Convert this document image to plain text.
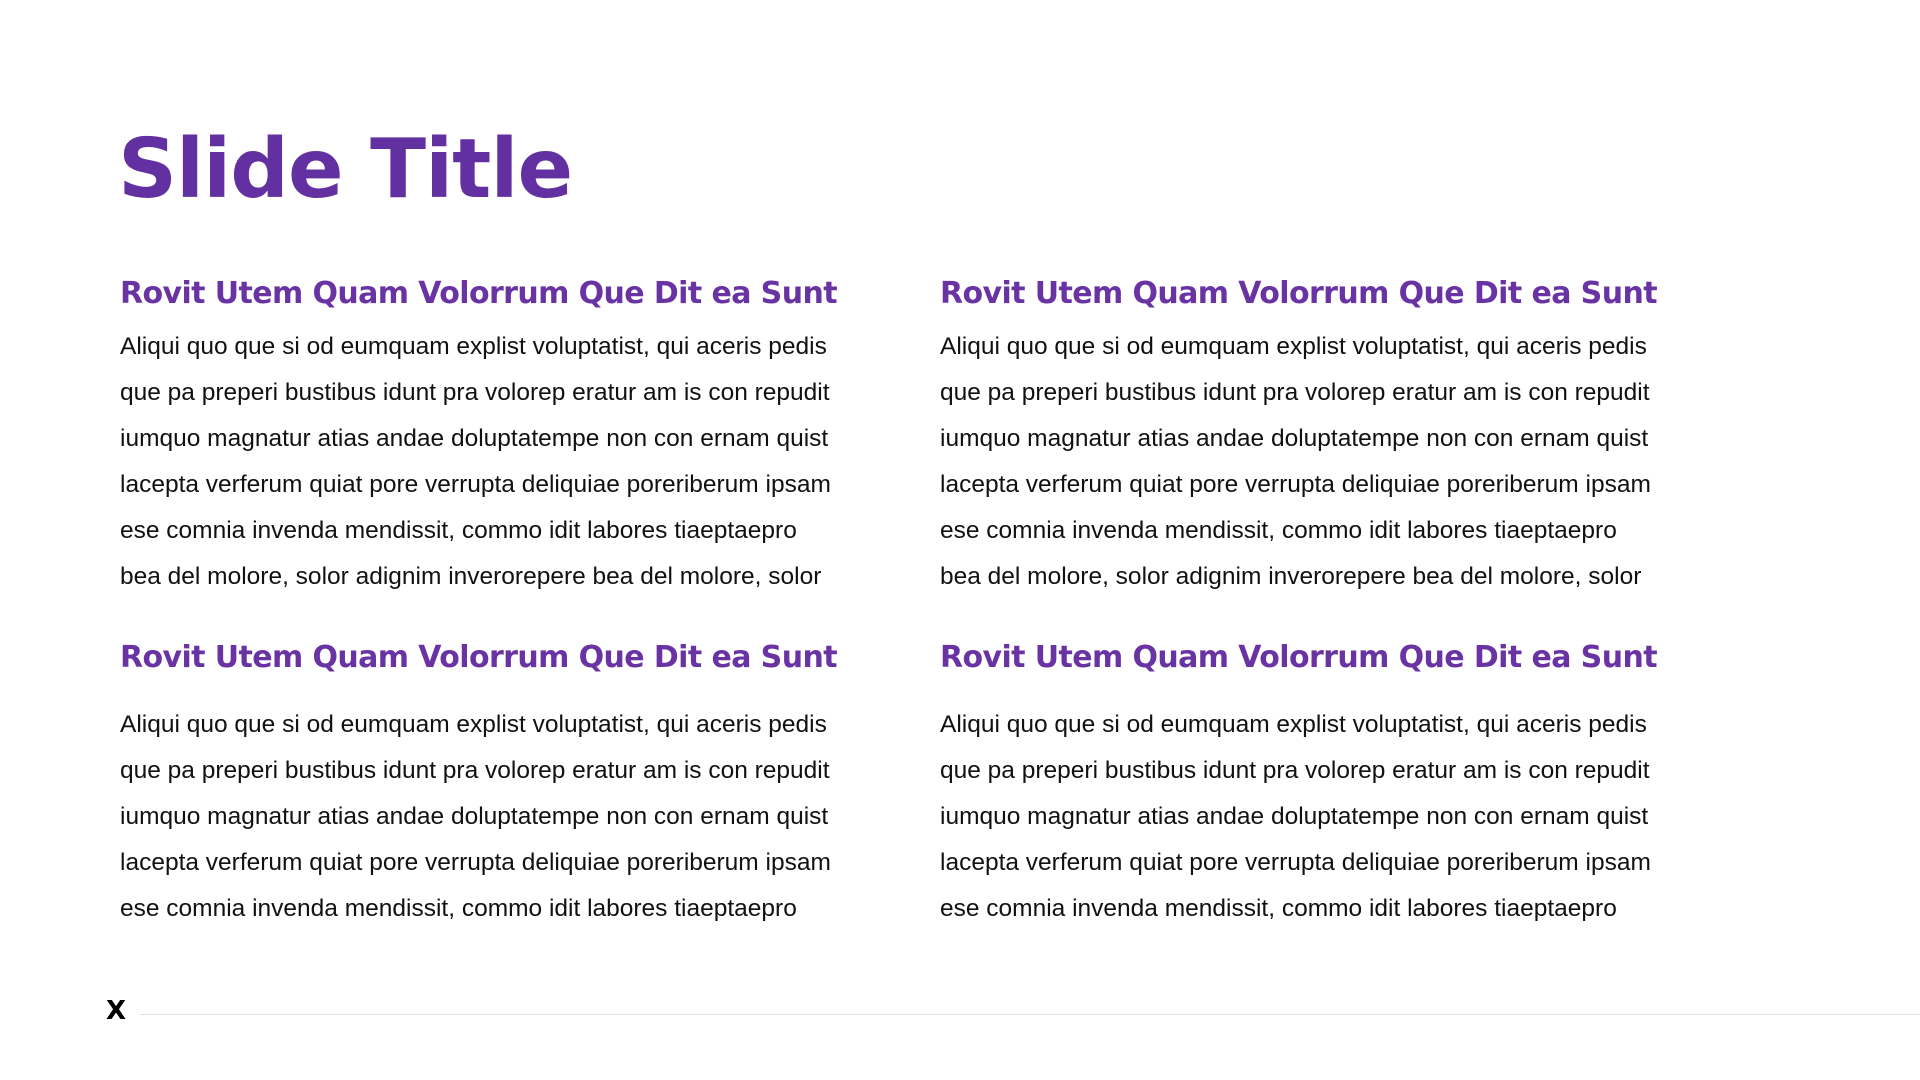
Slide Title
Rovit Utem Quam Volorrum Que Dit ea Sunt

Aliqui quo que si od eumquam explist voluptatist, qui aceris pedis
que pa preperi bustibus idunt pra volorep eratur am is con repudit
iumquo magnatur atias andae doluptatempe non con ernam quist
lacepta verferum quiat pore verrupta deliquiae poreriberum ipsam
ese comnia invenda mendissit, commo idit labores tiaeptaepro
bea del molore, solor adignim inverorepere bea del molore, solor

Rovit Utem Quam Volorrum Que Dit ea Sunt

Aliqui quo que si od eumquam explist voluptatist, qui aceris pedis
que pa preperi bustibus idunt pra volorep eratur am is con repudit
iumquo magnatur atias andae doluptatempe non con ernam quist
lacepta verferum quiat pore verrupta deliquiae poreriberum ipsam
ese comnia invenda mendissit, commo idit labores tiaeptaepro
bea del molore, solor adignim inverorepere bea del molore, solor

Rovit Utem Quam Volorrum Que Dit ea Sunt

Aliqui quo que si od eumquam explist voluptatist, qui aceris pedis
que pa preperi bustibus idunt pra volorep eratur am is con repudit
iumquo magnatur atias andae doluptatempe non con ernam quist
lacepta verferum quiat pore verrupta deliquiae poreriberum ipsam
ese comnia invenda mendissit, commo idit labores tiaeptaepro

Rovit Utem Quam Volorrum Que Dit ea Sunt

Aliqui quo que si od eumquam explist voluptatist, qui aceris pedis
que pa preperi bustibus idunt pra volorep eratur am is con repudit
iumquo magnatur atias andae doluptatempe non con ernam quist
lacepta verferum quiat pore verrupta deliquiae poreriberum ipsam
ese comnia invenda mendissit, commo idit labores tiaeptaepro

X
